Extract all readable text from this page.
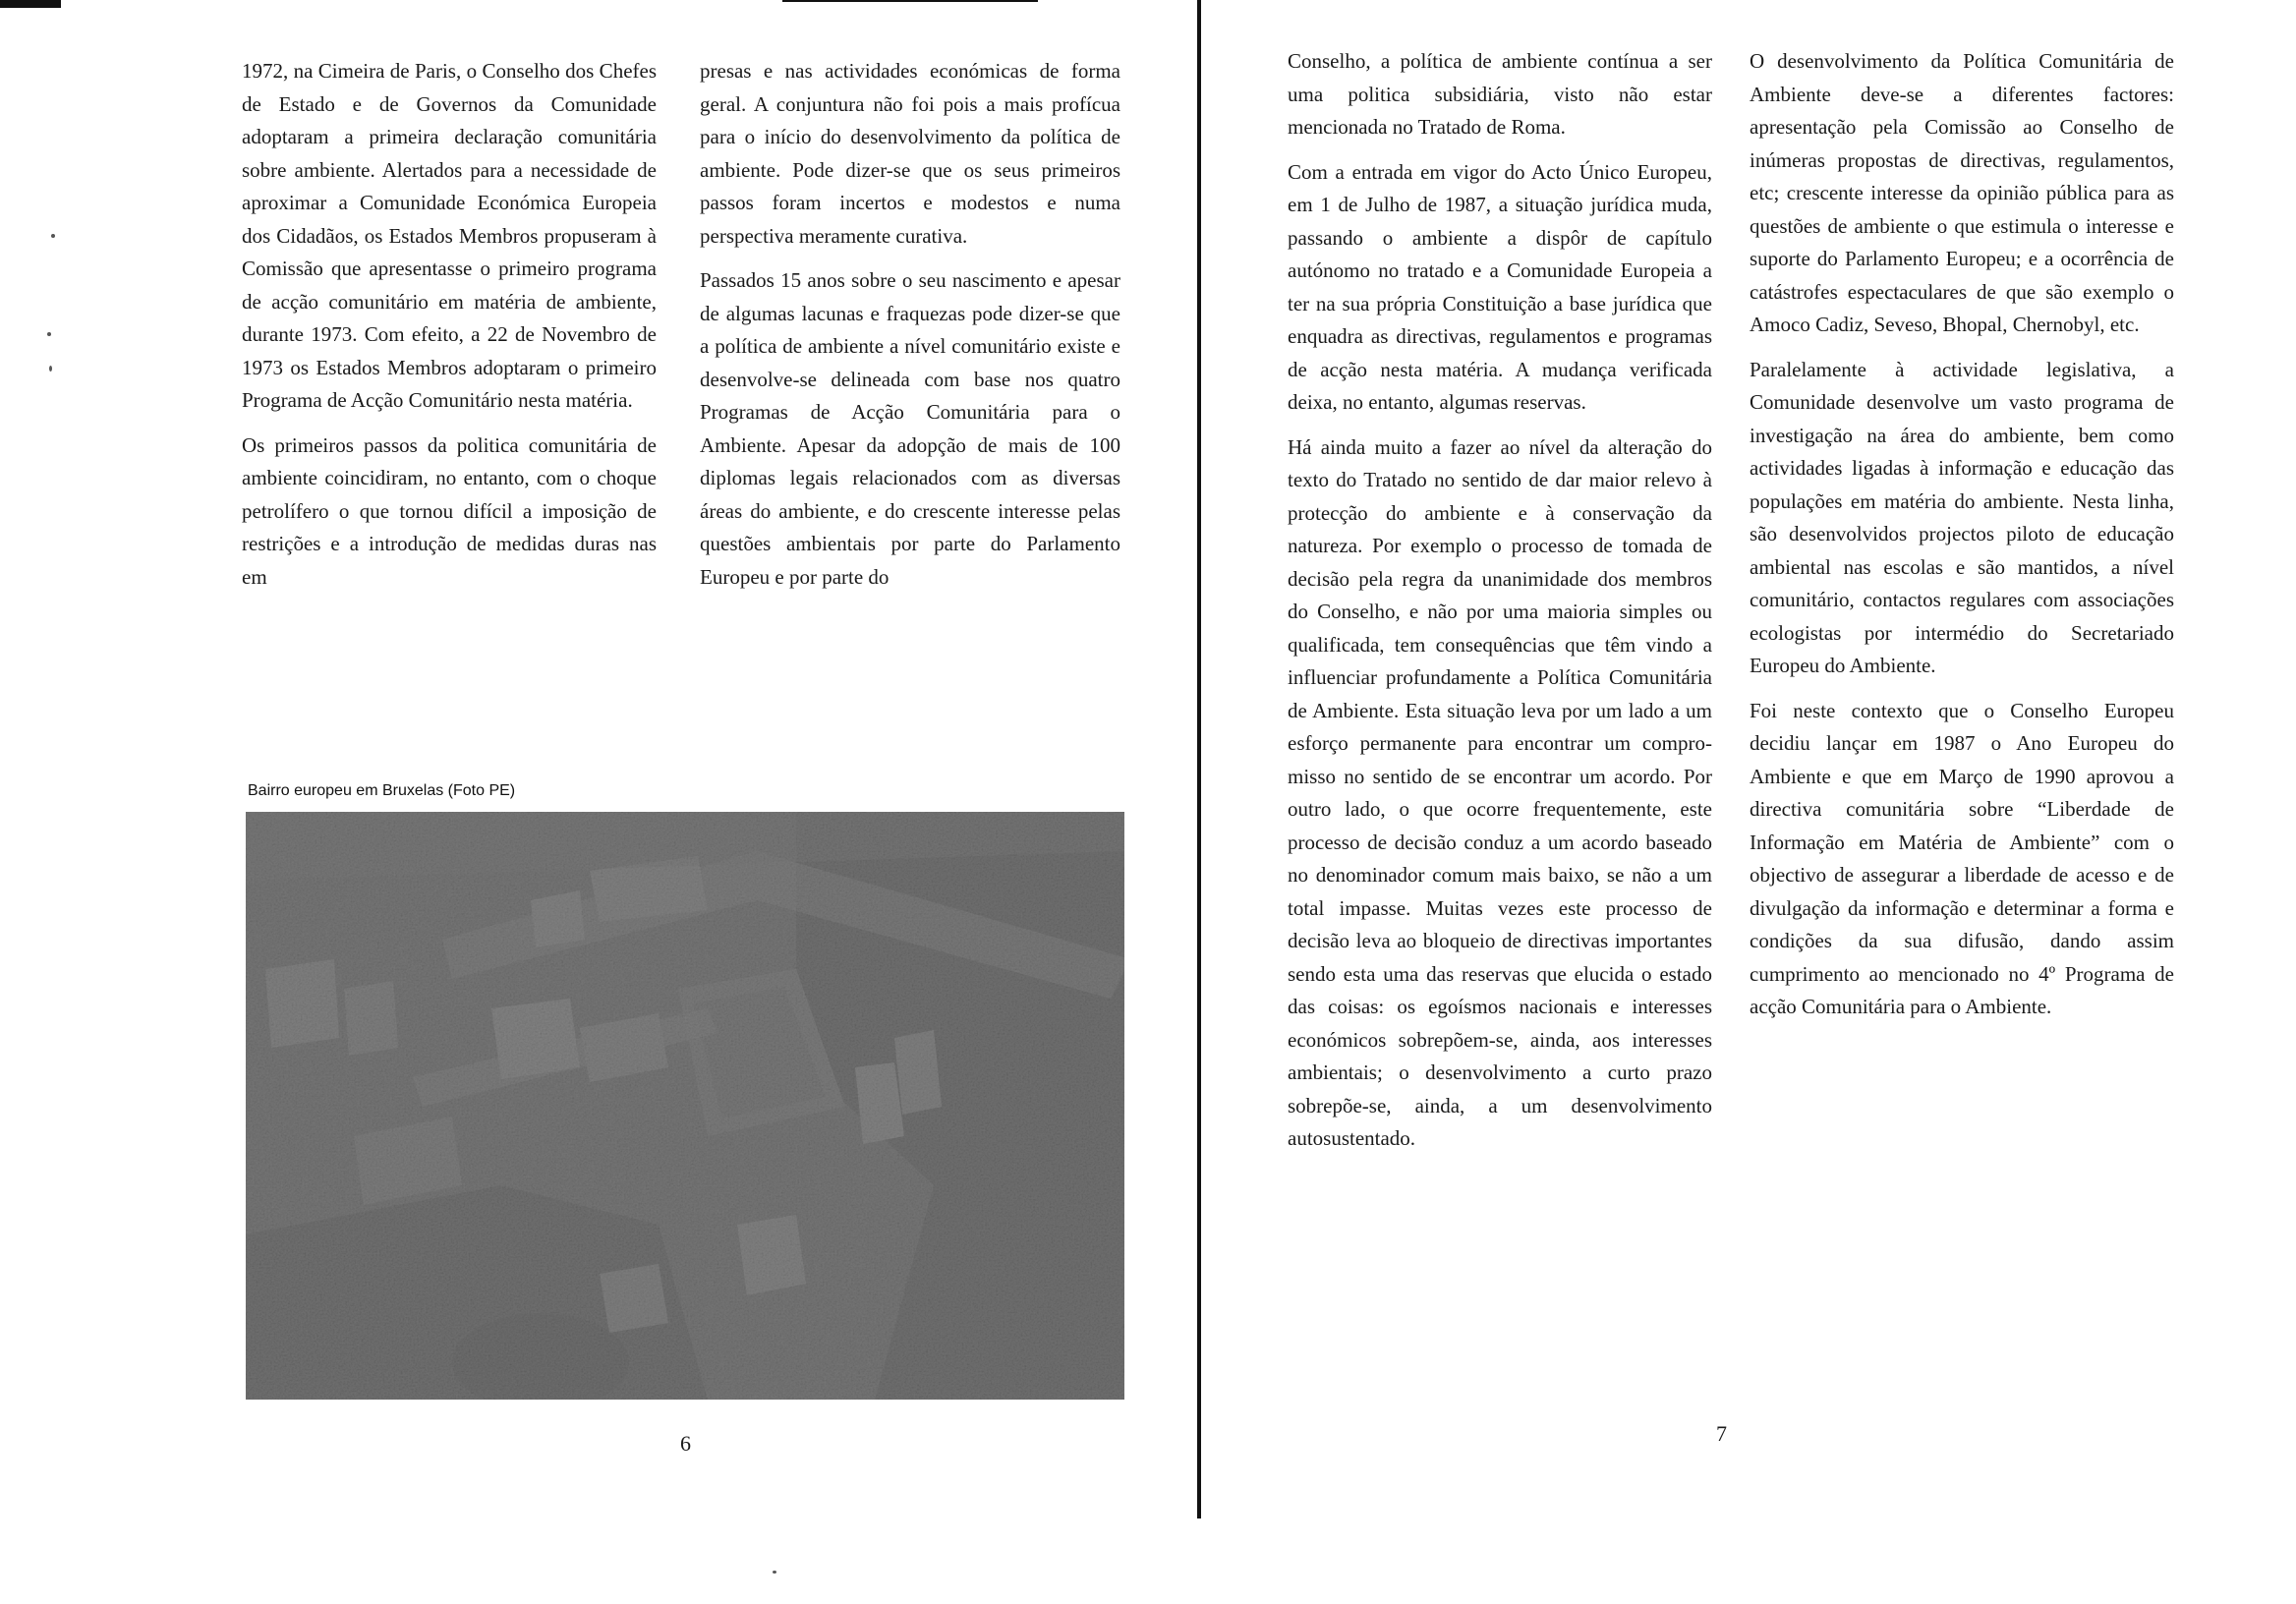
1972, na Cimeira de Paris, o Conselho dos Chefes de Estado e de Governos da Comunidade adoptaram a primeira declaração comunitária sobre ambiente. Alertados para a necessidade de aproximar a Comunidade Económica Europeia dos Cidadãos, os Estados Membros propuseram à Comissão que apresentasse o primeiro programa de acção comunitário em matéria de ambiente, durante 1973. Com efeito, a 22 de Novembro de 1973 os Estados Membros adoptaram o primeiro Programa de Acção Comunitário nesta matéria.

Os primeiros passos da politica comunitária de ambiente coincidiram, no entanto, com o choque petrolífero o que tornou difícil a imposição de restrições e a introdução de medidas duras nas em

presas e nas actividades económicas de forma geral. A conjuntura não foi pois a mais profícua para o início do desenvolvimento da política de ambiente. Pode dizer-se que os seus primeiros passos foram incertos e modestos e numa perspectiva meramente curativa.

Passados 15 anos sobre o seu nascimento e apesar de algumas lacunas e fraquezas pode dizer-se que a política de ambiente a nível comunitário existe e desenvolve-se delineada com base nos quatro Programas de Acção Comunitária para o Ambiente. Apesar da adopção de mais de 100 diplomas legais relacionados com as diversas áreas do ambiente, e do crescente interesse pelas questões ambientais por parte do Parlamento Europeu e por parte do

Bairro europeu em Bruxelas (Foto PE)
6

Conselho, a política de ambiente contínua a ser uma politica subsidiária, visto não estar mencionada no Tratado de Roma.

Com a entrada em vigor do Acto Único Europeu, em 1 de Julho de 1987, a situação jurídica muda, passando o ambiente a dispôr de capítulo autónomo no tratado e a Comunidade Europeia a ter na sua própria Constituição a base jurídica que enquadra as directivas, regulamentos e programas de acção nesta matéria. A mudança verificada deixa, no entanto, algumas reservas.

Há ainda muito a fazer ao nível da alteração do texto do Tratado no sentido de dar maior relevo à protecção do ambiente e à conservação da natureza. Por exemplo o processo de tomada de decisão pela regra da unanimidade dos membros do Conselho, e não por uma maioria simples ou qualificada, tem consequências que têm vindo a influenciar profundamente a Política Comunitária de Ambiente. Esta situação leva por um lado a um esforço permanente para encontrar um compromisso no sentido de se encontrar um acordo. Por outro lado, o que ocorre frequentemente, este processo de decisão conduz a um acordo baseado no denominador comum mais baixo, se não a um total impasse. Muitas vezes este processo de decisão leva ao bloqueio de directivas importantes sendo esta uma das reservas que elucida o estado das coisas: os egoísmos nacionais e interesses económicos sobrepõem-se, ainda, aos interesses ambientais; o desenvolvimento a curto prazo sobrepõe-se, ainda, a um desenvolvimento autosustentado.

O desenvolvimento da Política Comunitária de Ambiente deve-se a diferentes factores: apresentação pela Comissão ao Conselho de inúmeras propostas de directivas, regulamentos, etc; crescente interesse da opinião pública para as questões de ambiente o que estimula o interesse e suporte do Parlamento Europeu; e a ocorrência de catástrofes espectaculares de que são exemplo o Amoco Cadiz, Seveso, Bhopal, Chernobyl, etc.

Paralelamente à actividade legislativa, a Comunidade desenvolve um vasto programa de investigação na área do ambiente, bem como actividades ligadas à informação e educação das populações em matéria do ambiente. Nesta linha, são desenvolvidos projectos piloto de educação ambiental nas escolas e são mantidos, a nível comunitário, contactos regulares com associações ecologistas por intermédio do Secretariado Europeu do Ambiente.

Foi neste contexto que o Conselho Europeu decidiu lançar em 1987 o Ano Europeu do Ambiente e que em Março de 1990 aprovou a directiva comunitária sobre “Liberdade de Informação em Matéria de Ambiente” com o objectivo de assegurar a liberdade de acesso e de divulgação da informação e determinar a forma e condições da sua difusão, dando assim cumprimento ao mencionado no 4º Programa de acção Comunitária para o Ambiente.

7
